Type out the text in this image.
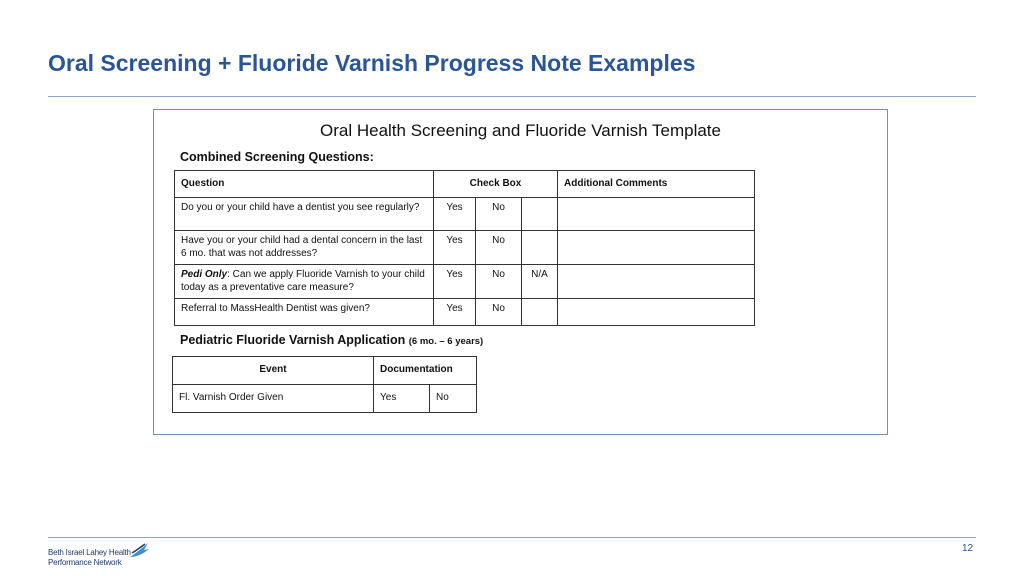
Oral Screening + Fluoride Varnish Progress Note Examples
Oral Health Screening and Fluoride Varnish Template
Combined Screening Questions:
Question	Check Box			Additional Comments
Do you or your child have a dentist you see regularly?	Yes	No		
Have you or your child had a dental concern in the last 6 mo. that was not addresses?	Yes	No		
Pedi Only: Can we apply Fluoride Varnish to your child today as a preventative care measure?	Yes	No	N/A	
Referral to MassHealth Dentist was given?	Yes	No		
Pediatric Fluoride Varnish Application (6 mo. – 6 years)
Event	Documentation	
Fl. Varnish Order Given	Yes	No
Beth Israel Lahey Health
Performance Network
12
